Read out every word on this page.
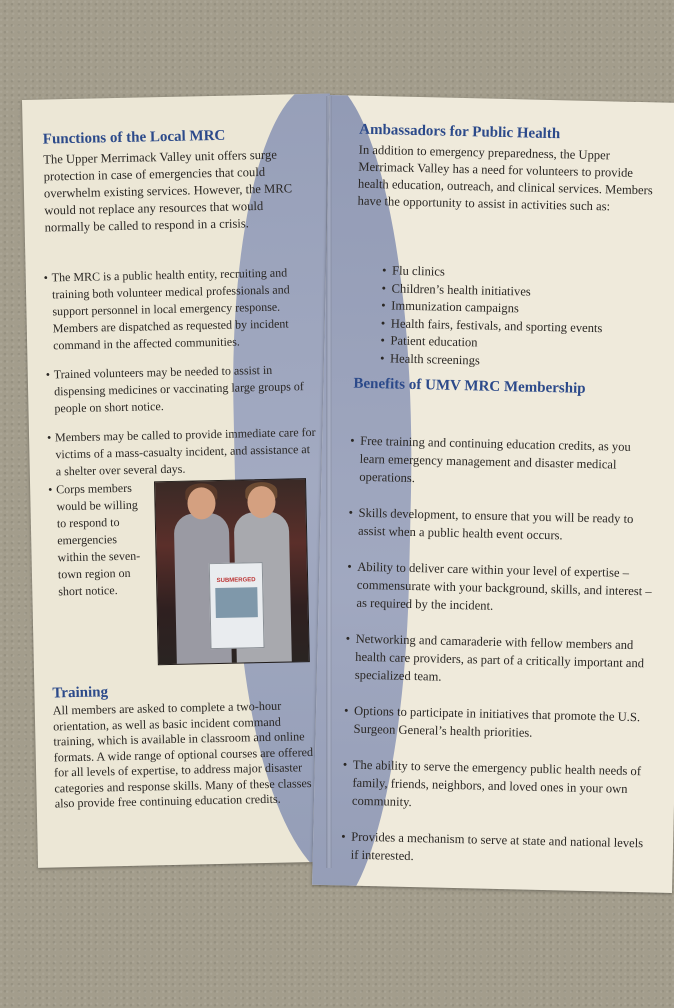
Functions of the Local MRC

The Upper Merrimack Valley unit offers surge protection in case of emergencies that could overwhelm existing services. However, the MRC would not replace any resources that would normally be called to respond in a crisis.

• The MRC is a public health entity, recruiting and training both volunteer medical professionals and support personnel in local emergency response. Members are dispatched as requested by incident command in the affected communities.
• Trained volunteers may be needed to assist in dispensing medicines or vaccinating large groups of people on short notice.
• Members may be called to provide immediate care for victims of a mass-casualty incident, and assistance at a shelter over several days.

• Corps members would be willing to respond to emergencies within the seven-town region on short notice.

SUBMERGED
Training

All members are asked to complete a two-hour orientation, as well as basic incident command training, which is available in classroom and online formats. A wide range of optional courses are offered for all levels of expertise, to address major disaster categories and response skills. Many of these classes also provide free continuing education credits.

Ambassadors for Public Health

In addition to emergency preparedness, the Upper Merrimack Valley has a need for volunteers to provide health education, outreach, and clinical services. Members have the opportunity to assist in activities such as:

• Flu clinics
• Children’s health initiatives
• Immunization campaigns
• Health fairs, festivals, and sporting events
• Patient education
• Health screenings
Benefits of UMV MRC Membership
• Free training and continuing education credits, as you learn emergency management and disaster medical operations.
• Skills development, to ensure that you will be ready to assist when a public health event occurs.
• Ability to deliver care within your level of expertise – commensurate with your background, skills, and interest – as required by the incident.
• Networking and camaraderie with fellow members and health care providers, as part of a critically important and specialized team.
• Options to participate in initiatives that promote the U.S. Surgeon General’s health priorities.
• The ability to serve the emergency public health needs of family, friends, neighbors, and loved ones in your own community.
• Provides a mechanism to serve at state and national levels if interested.
